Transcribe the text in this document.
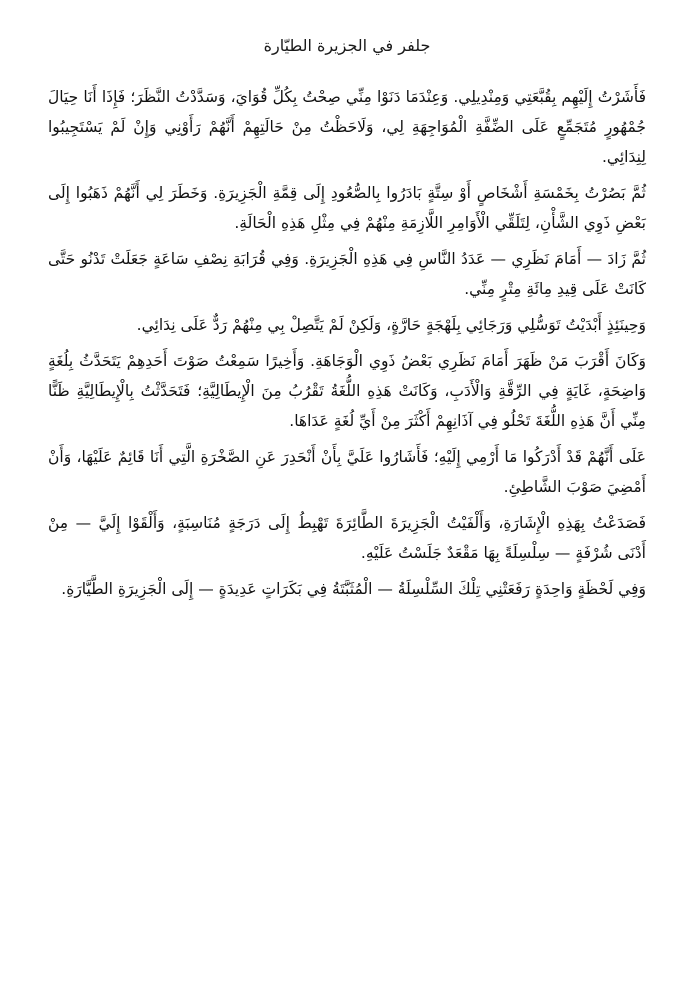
جلفر في الجزيرة الطيّارة

فَأَشَرْتُ إِلَيْهِم بِقُبَّعَتِي وَمِنْدِيلِي. وَعِنْدَمَا دَنَوْا مِنِّي صِحْتُ بِكُلِّ قُوَايَ، وَسَدَّدْتُ النَّظَرَ؛ فَإِذَا أَنَا حِيَالَ جُمْهُورٍ مُتَجَمِّعٍ عَلَى الضِّفَّةِ الْمُوَاجِهَةِ لِي، وَلَاحَظْتُ مِنْ حَالَتِهِمْ أَنَّهُمْ رَأَوْنِي وَإِنْ لَمْ يَسْتَجِيبُوا لِنِدَائِي.

ثُمَّ بَصُرْتُ بِخَمْسَةِ أَشْخَاصٍ أَوْ سِتَّةٍ بَادَرُوا بِالصُّعُودِ إِلَى قِمَّةِ الْجَزِيرَةِ. وَخَطَرَ لِي أَنَّهُمْ ذَهَبُوا إِلَى بَعْضِ ذَوِي الشَّأْنِ، لِتَلَقِّي الْأَوَامِرِ اللَّازِمَةِ مِنْهُمْ فِي مِثْلِ هَذِهِ الْحَالَةِ.

ثُمَّ زَادَ — أَمَامَ نَظَرِي — عَدَدُ النَّاسِ فِي هَذِهِ الْجَزِيرَةِ. وَفِي قُرَابَةِ نِصْفِ سَاعَةٍ جَعَلَتْ تَدْنُو حَتَّى كَانَتْ عَلَى قِيدِ مِائَةِ مِتْرٍ مِنِّي.

وَحِينَئِذٍ أَبْدَيْتُ تَوَسُّلِي وَرَجَائِي بِلَهْجَةٍ حَارَّةٍ، وَلَكِنْ لَمْ يَتَّصِلْ بِي مِنْهُمْ رَدٌّ عَلَى نِدَائِي.

وَكَانَ أَقْرَبَ مَنْ ظَهَرَ أَمَامَ نَظَرِي بَعْضُ ذَوِي الْوَجَاهَةِ. وَأَخِيرًا سَمِعْتُ صَوْتَ أَحَدِهِمْ يَتَحَدَّثُ بِلُغَةٍ وَاضِحَةٍ، غَايَةٍ فِي الرِّقَّةِ وَالْأَدَبِ، وَكَانَتْ هَذِهِ اللُّغَةُ تَقْرُبُ مِنَ الْإِيطَالِيَّةِ؛ فَتَحَدَّثْتُ بِالْإِيطَالِيَّةِ ظَنًّا مِنِّي أَنَّ هَذِهِ اللُّغَةَ تَحْلُو فِي آذَانِهِمْ أَكْثَرَ مِنْ أَيِّ لُغَةٍ عَدَاهَا.

عَلَى أَنَّهُمْ قَدْ أَدْرَكُوا مَا أَرْمِي إِلَيْهِ؛ فَأَشَارُوا عَلَيَّ بِأَنْ أَنْحَدِرَ عَنِ الصَّخْرَةِ الَّتِي أَنَا قَائِمٌ عَلَيْهَا، وَأَنْ أَمْضِيَ صَوْبَ الشَّاطِئِ.

فَصَدَعْتُ بِهَذِهِ الْإِشَارَةِ، وَأَلْفَيْتُ الْجَزِيرَةَ الطَّائِرَةَ تَهْبِطُ إِلَى دَرَجَةٍ مُنَاسِبَةٍ، وَأَلْقَوْا إِلَيَّ — مِنْ أَدْنَى شُرْفَةٍ — سِلْسِلَةً بِهَا مَقْعَدٌ جَلَسْتُ عَلَيْهِ.

وَفِي لَحْظَةٍ وَاحِدَةٍ رَفَعَتْنِي تِلْكَ السِّلْسِلَةُ — الْمُثَبَّتَةُ فِي بَكَرَاتٍ عَدِيدَةٍ — إِلَى الْجَزِيرَةِ الطَّيَّارَةِ.
